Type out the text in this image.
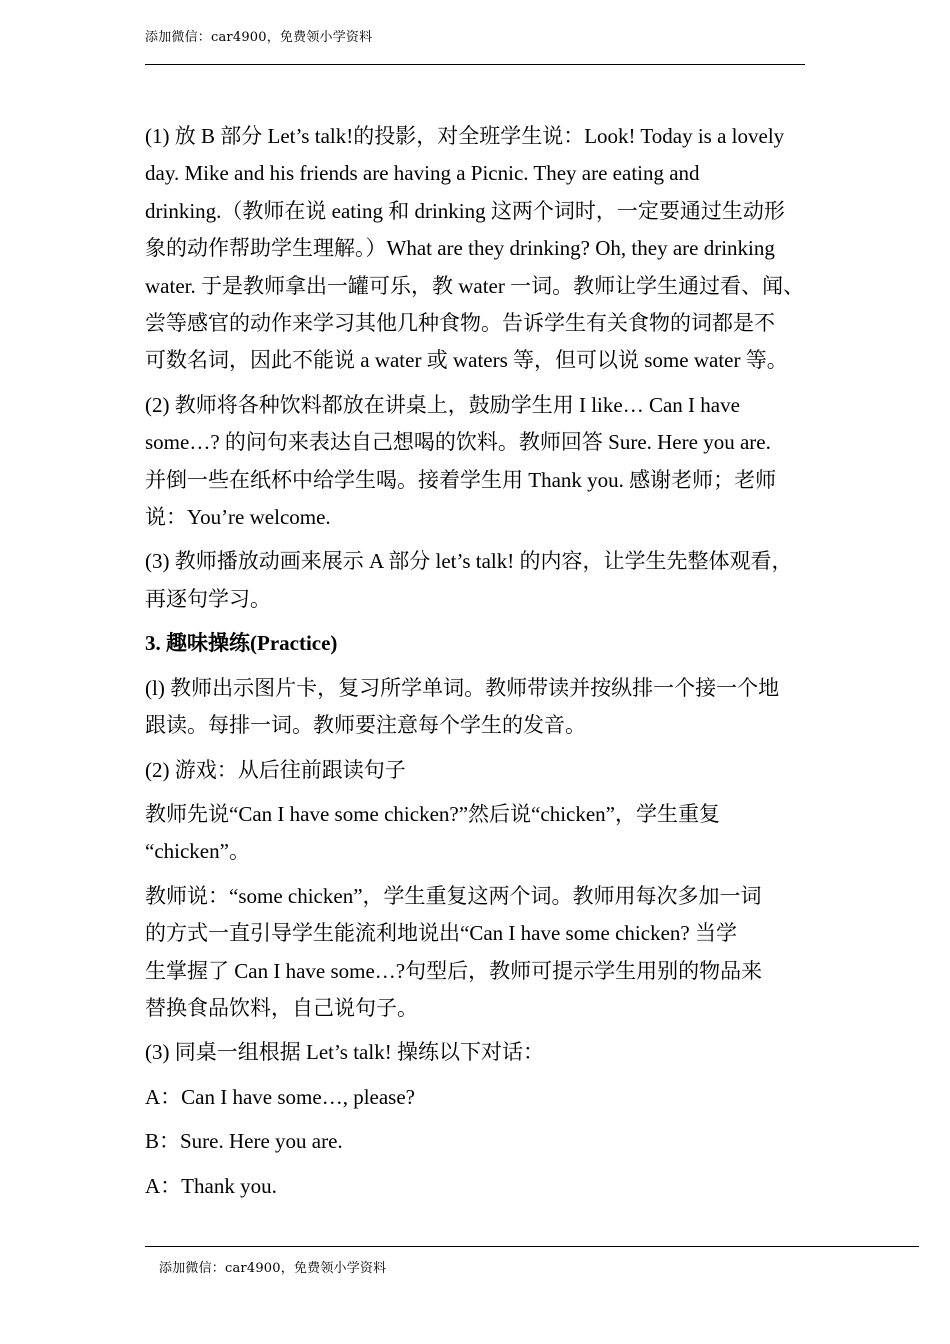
添加微信：car4900，免费领小学资料

(1) 放 B 部分 Let’s talk!的投影，对全班学生说：Look! Today is a lovely
day. Mike and his friends are having a Picnic. They are eating and
drinking.（教师在说 eating 和 drinking 这两个词时，一定要通过生动形
象的动作帮助学生理解。）What are they drinking? Oh, they are drinking
water. 于是教师拿出一罐可乐，教 water 一词。教师让学生通过看、闻、
尝等感官的动作来学习其他几种食物。告诉学生有关食物的词都是不
可数名词，因此不能说 a water 或 waters 等，但可以说 some water 等。

(2) 教师将各种饮料都放在讲桌上，鼓励学生用 I like… Can I have
some…? 的问句来表达自己想喝的饮料。教师回答 Sure. Here you are.
并倒一些在纸杯中给学生喝。接着学生用 Thank you. 感谢老师；老师
说：You’re welcome.

(3) 教师播放动画来展示 A 部分 let’s talk! 的内容，让学生先整体观看，
再逐句学习。

3. 趣味操练(Practice)

(l) 教师出示图片卡，复习所学单词。教师带读并按纵排一个接一个地
跟读。每排一词。教师要注意每个学生的发音。

(2) 游戏：从后往前跟读句子

教师先说“Can I have some chicken?”然后说“chicken”，学生重复
“chicken”。

教师说：“some chicken”，学生重复这两个词。教师用每次多加一词
的方式一直引导学生能流利地说出“Can I have some chicken? 当学
生掌握了 Can I have some…?句型后，教师可提示学生用别的物品来
替换食品饮料，自己说句子。

(3) 同桌一组根据 Let’s talk! 操练以下对话：

A：Can I have some…, please?

B：Sure. Here you are.

A：Thank you.

添加微信：car4900，免费领小学资料
